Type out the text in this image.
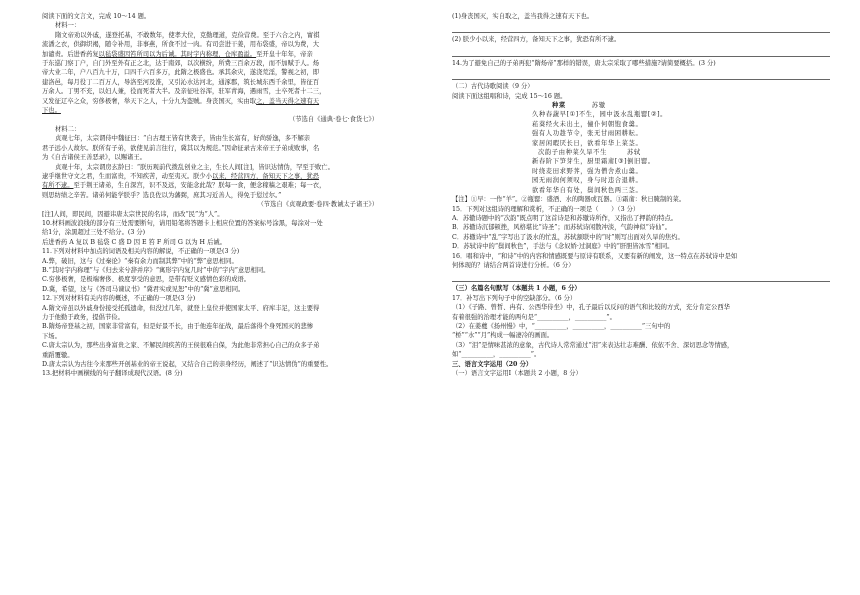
阅读下面的文言文，完成 10～14 题。
材料一：
隋文帝劝以外戚，遂登托基，不敢数年，使孝大位，克勤理道，克俭营费。至于六合之内，甯祺
流潘之衣，供御织褐，随令补用，非事燕，所食不过一肉。有司尝进干姜，用布袋盛，帝以为费，大
加谴责。后进香药复以毡袋盛因笞所司以为后诫。其时宇内称理，仓库盈溢。至开皇十年年，帝亲
于东巡门察丁户，自门外至外有正之北，达于南郊，以次横纷，所费三百余万段，而不加赋于人。炀
帝大业二年，户八百九十万，口四千六百多万，此隋之极盛也。承其余灾，遂浇荒淫，警视之初，即
建洛邑，每月役丁二百万人，导洛至河及淮，又引沁水达河北，通涿郡，筑长城东西千余里，皆征百
万余人。丁男不充，以妇人兼，役而死者大半。及亲征吐谷浑，驻军青海，遇雨雪，士卒死者十二三，
又发征辽卒之众，穷侈极奢，举天下之人，十分九为盗贼。身丧国灭，实由取之，盖当天得之速有天
下也。
（节选自《通典·卷七·食货七》）
材料二：
贞观七年，太宗谓侍中魏征曰：“自古理王皆有世袭子，皆由生长富有，好尚骄逸，多不解亲
君子远小人故尔。朕所有子弟，欲使见前言往行，冀其以为规范。”因命征录古来帝王子弟成败事，名
为《自古诸侯王善恶录》，以赐诸王。
贞观十年，太宗谓房玄龄曰：“朕历观前代拨乱创业之主，生长人间[注]，皆识达情伪，罕至于败亡。
逮乎继世守文之君，生而富贵，不知疾苦，动至夷灭。朕少小以来，经营四方，备知天下之事，犹恐
有所不逮。至于荆王诸弟，生自深宫，识不及远，安能念此哉？朕每一食，便念稼穑之艰难；每一衣，
则思纺绩之辛苦。诸弟何能学朕乎？选良佐以为藩弼，庶其习近善人，得免于愆过尔。”
（节选自《贞观政要·卷四·教诫太子诸王》）
[注]人间，即民间，因避讳唐太宗世民的名讳，而改“民”为“人”。
10.材料画波浪线的部分有三处需要断句，请用铅笔将答题卡上相应位置的答案标号涂黑，每涂对一处
给1分，涂黑超过三处不给分。(3 分)
后进香药 A 复以 B 毡袋 C 盛 D 因 E 笞 F 所司 G 以为 H 后诫。
11.下列对材料中加点的词语及相关内容的解说，不正确的一项是(3 分)
A.弊，破旧，这与《过秦论》“秦有余力而制其弊”中的“弊”意思相同。
B.“其时宇内称理”与《归去来兮辞并序》“寓形宇内复几时”中的“宇内”意思相同。
C.穷侈极奢，是极端奢侈、极度享受的意思，是带有贬义感情色彩的成语。
D.冀，希望，这与《答司马谏议书》“冀君实或见恕”中的“冀”意思相同。
12.下列对材料有关内容的概述，不正确的一项是(3 分)
A.隋文帝虽以外戚身份接受托孤遗命，但没过几年，就登上皇位并使国家太平、府库丰足，这主要得
力于他勤于政务，提倡节俭。
B.隋炀帝登基之初，国家非常富有，但是好景不长，由于他连年征战，最后落得个身死国灭的悲惨
下场。
C.唐太宗认为，那些出身富贵之家、不解民间疾苦的王侯很难自保，为此他非常担心自己的众多子弟
重蹈覆辙。
D.唐太宗认为古往今来那些开创基业的帝王说起，又结合自己的亲身经历，阐述了“识达情伪”的重要性。
13.把材料中画横线的句子翻译成现代汉语。(8 分)
(1)身丧国灭，实自取之，盖当我得之速有天下也。
(2) 朕少小以来，经营四方，备知天下之事，犹恐有所不逮。
14.为了避免自己的子弟再犯“隋炀帝”那样的错误，唐太宗采取了哪些措施?请简要概括。(3 分)
（二）古代诗歌阅读（9 分）
阅读下面这组唱和诗，完成 15～16 题。
种菜	苏辙
久种春蔬早[①]不生，园中汲水乱瓶罂[②]。
菘葵经火未出土，僮仆何朝饱食羹。
强有人功趁节令，张无甘雨困耕耘。
家居闲暇厌长日，欲看年华上菜茎。
次韵子由种菜久旱不生	苏轼
新春阶下笋芽生，厨里霜齑[③]倒旧罂。
时绕麦田求野荠，强为僧舍煮山羹。
园无雨润何须叹，身与时违合退耕。
欲看年华自有处，鬓间秋色两三茎。
【注】①早：一作“羊”。②瓶罂：盛酒、水的陶器或瓦器。③霜齑：秋日腌制的菜。
15．下列对这组诗的理解和赏析，不正确的一项是（　　）（3 分）
A．苏辙诗题中的“次韵”既点明了这首诗是和苏辙诗所作，又指出了押韵的特点。
B．苏辙诗沉郁顿挫，风格堪比“诗圣”；而苏轼诗闲散冲淡，气韵神似“诗仙”。
C．苏辙诗中“乱”字写出了汲水的忙乱，苏轼颔联中的“时”则写出面对久旱的焦灼。
D．苏轼诗中的“鬓间秋色”，手法与《念奴娇·过洞庭》中的“肝胆皆冰雪”相同。
16．唱和诗中，“和诗”中的内容和情感既要与原诗有联系，又要有新的阐发，这一特点在苏轼诗中是如
何体现的？请结合两首诗进行分析。（6 分）
（三）名篇名句默写（本题共 1 小题，6 分）
17．补写出下列句子中的空缺部分。（6 分）
（1）《子路、曾皙、冉有、公西华侍坐》中，孔子最后以反问的语气和比较的方式，充分肯定公西华
有着很强的治理才能的两句是“__________，__________”。
（2）在姜夔《扬州慢》中，“__________，__________，__________”三句中的
“桥”“水”“月”构成一幅凄冷的画面。
（3）“泪”是情味甚浓的意象，古代诗人常常通过“泪”来表达壮志难酬、依依不舍、深切思念等情感，
如“__________，__________”。
三、语言文字运用（20 分）
（一）语言文字运用Ⅰ（本题共 2 小题，8 分）
